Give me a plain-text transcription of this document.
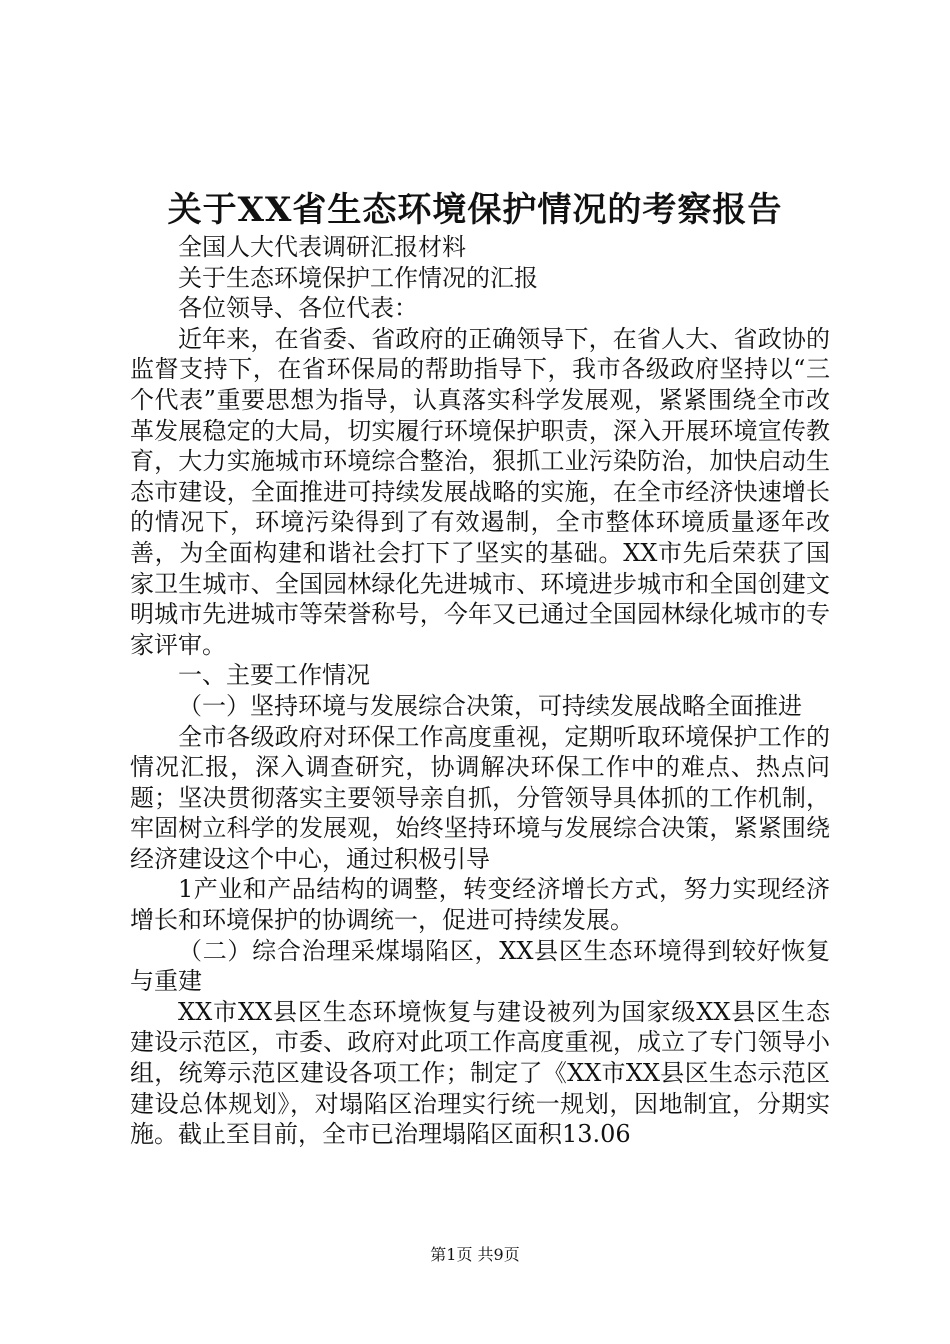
关于XX省生态环境保护情况的考察报告

全国人大代表调研汇报材料

关于生态环境保护工作情况的汇报

各位领导、各位代表：

近年来，在省委、省政府的正确领导下，在省人大、省政协的监督支持下，在省环保局的帮助指导下，我市各级政府坚持以“三个代表”重要思想为指导，认真落实科学发展观，紧紧围绕全市改革发展稳定的大局，切实履行环境保护职责，深入开展环境宣传教育，大力实施城市环境综合整治，狠抓工业污染防治，加快启动生态市建设，全面推进可持续发展战略的实施，在全市经济快速增长的情况下，环境污染得到了有效遏制，全市整体环境质量逐年改善，为全面构建和谐社会打下了坚实的基础。XX市先后荣获了国家卫生城市、全国园林绿化先进城市、环境进步城市和全国创建文明城市先进城市等荣誉称号，今年又已通过全国园林绿化城市的专家评审。

一、主要工作情况

（一）坚持环境与发展综合决策，可持续发展战略全面推进

全市各级政府对环保工作高度重视，定期听取环境保护工作的情况汇报，深入调查研究，协调解决环保工作中的难点、热点问题；坚决贯彻落实主要领导亲自抓，分管领导具体抓的工作机制，牢固树立科学的发展观，始终坚持环境与发展综合决策，紧紧围绕经济建设这个中心，通过积极引导

1产业和产品结构的调整，转变经济增长方式，努力实现经济增长和环境保护的协调统一，促进可持续发展。

（二）综合治理采煤塌陷区，XX县区生态环境得到较好恢复与重建

XX市XX县区生态环境恢复与建设被列为国家级XX县区生态建设示范区，市委、政府对此项工作高度重视，成立了专门领导小组，统筹示范区建设各项工作；制定了《XX市XX县区生态示范区建设总体规划》，对塌陷区治理实行统一规划，因地制宜，分期实施。截止至目前，全市已治理塌陷区面积13.06

第1页 共9页
